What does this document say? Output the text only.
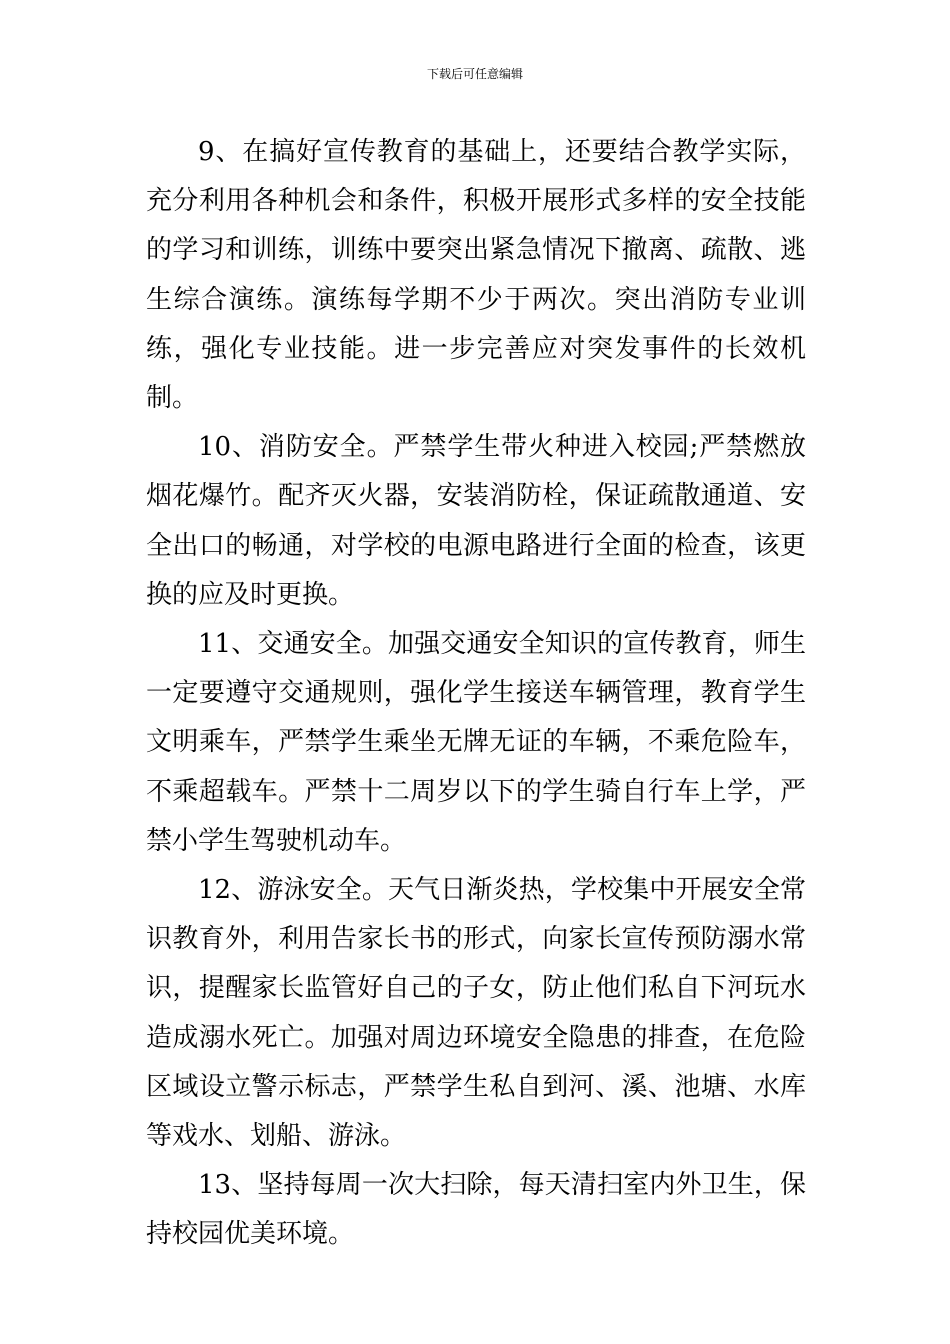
下载后可任意编辑

9、在搞好宣传教育的基础上，还要结合教学实际，充分利用各种机会和条件，积极开展形式多样的安全技能的学习和训练，训练中要突出紧急情况下撤离、疏散、逃生综合演练。演练每学期不少于两次。突出消防专业训练，强化专业技能。进一步完善应对突发事件的长效机制。

10、消防安全。严禁学生带火种进入校园;严禁燃放烟花爆竹。配齐灭火器，安装消防栓，保证疏散通道、安全出口的畅通，对学校的电源电路进行全面的检查，该更换的应及时更换。

11、交通安全。加强交通安全知识的宣传教育，师生一定要遵守交通规则，强化学生接送车辆管理，教育学生文明乘车，严禁学生乘坐无牌无证的车辆，不乘危险车，不乘超载车。严禁十二周岁以下的学生骑自行车上学，严禁小学生驾驶机动车。

12、游泳安全。天气日渐炎热，学校集中开展安全常识教育外，利用告家长书的形式，向家长宣传预防溺水常识，提醒家长监管好自己的子女，防止他们私自下河玩水造成溺水死亡。加强对周边环境安全隐患的排查，在危险区域设立警示标志，严禁学生私自到河、溪、池塘、水库等戏水、划船、游泳。

13、坚持每周一次大扫除，每天清扫室内外卫生，保持校园优美环境。
